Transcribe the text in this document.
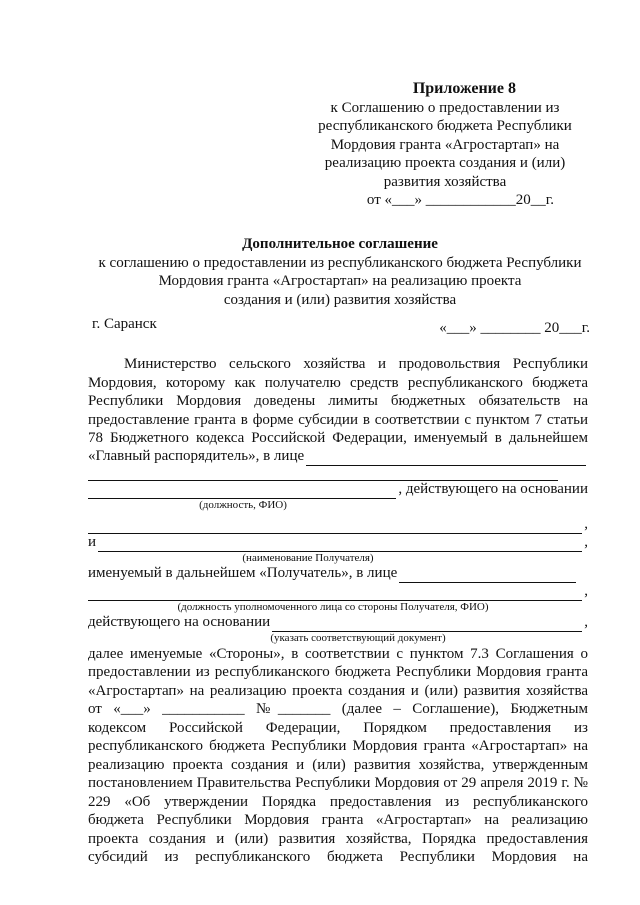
Приложение 8
к Соглашению о предоставлении из
республиканского бюджета Республики
Мордовия гранта «Агростартап» на
реализацию проекта создания и (или)
развития хозяйства
от «___» ____________20__г.
Дополнительное соглашение
к соглашению о предоставлении из республиканского бюджета Республики
Мордовия гранта «Агростартап» на реализацию проекта
создания и (или) развития хозяйства
г. Саранск	«___» ________ 20___г.
Министерство сельского хозяйства и продовольствия Республики
Мордовия, которому как получателю средств республиканского бюджета
Республики Мордовия доведены лимиты бюджетных обязательств на
предоставление гранта в форме субсидии в соответствии с пунктом 7 статьи
78 Бюджетного кодекса Российской Федерации, именуемый в дальнейшем
«Главный распорядитель», в лице
, действующего на основании
(должность, ФИО)
,
и	,
(наименование Получателя)
именуемый в дальнейшем «Получатель», в лице
,
(должность уполномоченного лица со стороны Получателя, ФИО)
действующего на основании	,
(указать соответствующий документ)
далее именуемые «Стороны», в соответствии с пунктом 7.3 Соглашения о
предоставлении из республиканского бюджета Республики Мордовия гранта
«Агростартап» на реализацию проекта создания и (или) развития хозяйства
от «___» ___________ №_______ (далее – Соглашение), Бюджетным
кодексом Российской Федерации, Порядком предоставления из
республиканского бюджета Республики Мордовия гранта «Агростартап» на
реализацию проекта создания и (или) развития хозяйства, утвержденным
постановлением Правительства Республики Мордовия от 29 апреля 2019 г. №
229 «Об утверждении Порядка предоставления из республиканского
бюджета Республики Мордовия гранта «Агростартап» на реализацию
проекта создания и (или) развития хозяйства, Порядка предоставления
субсидий из республиканского бюджета Республики Мордовия на
